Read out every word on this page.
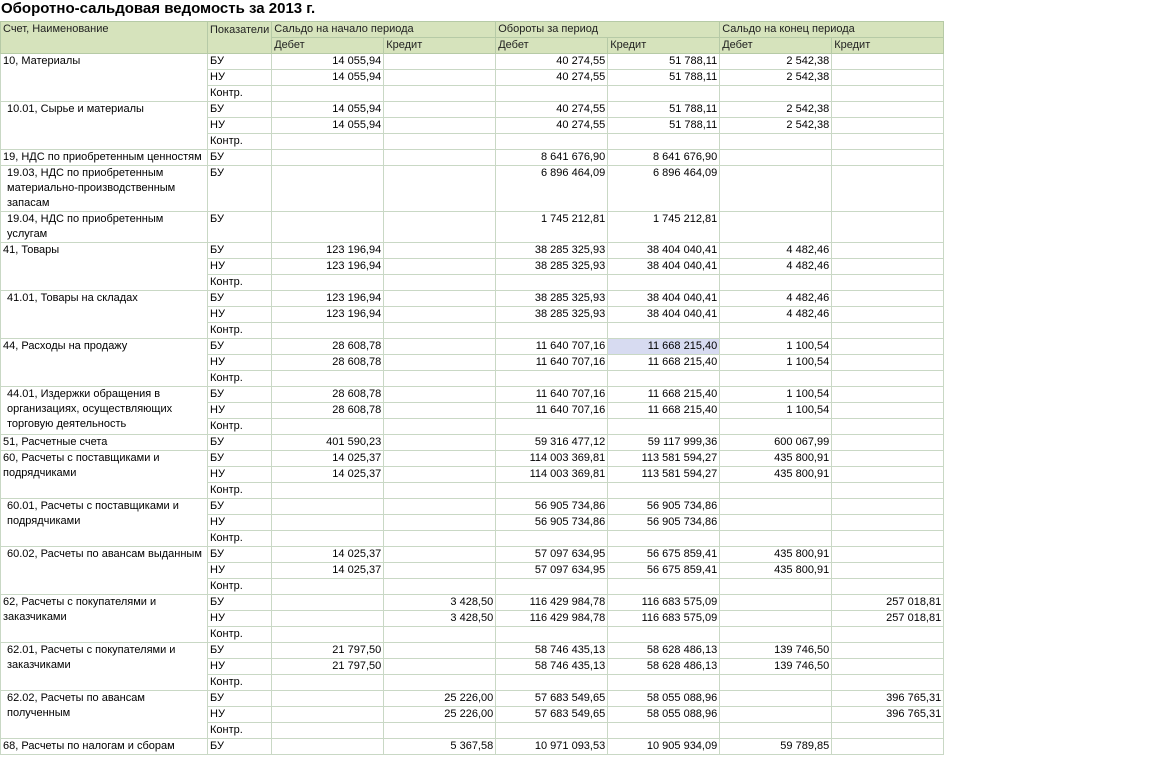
Оборотно-сальдовая ведомость за 2013 г.
Счет, Наименование	Показатели	Сальдо на начало периода		Обороты за период		Сальдо на конец периода	
		Дебет	Кредит	Дебет	Кредит	Дебет	Кредит
10, Материалы	БУ	14 055,94		40 274,55	51 788,11	2 542,38	
	НУ	14 055,94		40 274,55	51 788,11	2 542,38	
	Контр.						
10.01, Сырье и материалы	БУ	14 055,94		40 274,55	51 788,11	2 542,38	
	НУ	14 055,94		40 274,55	51 788,11	2 542,38	
	Контр.						
19, НДС по приобретенным ценностям	БУ			8 641 676,90	8 641 676,90		
19.03, НДС по приобретенным материально-производственным запасам	БУ			6 896 464,09	6 896 464,09		
19.04, НДС по приобретенным услугам	БУ			1 745 212,81	1 745 212,81		
41, Товары	БУ	123 196,94		38 285 325,93	38 404 040,41	4 482,46	
	НУ	123 196,94		38 285 325,93	38 404 040,41	4 482,46	
	Контр.						
41.01, Товары на складах	БУ	123 196,94		38 285 325,93	38 404 040,41	4 482,46	
	НУ	123 196,94		38 285 325,93	38 404 040,41	4 482,46	
	Контр.						
44, Расходы на продажу	БУ	28 608,78		11 640 707,16	11 668 215,40	1 100,54	
	НУ	28 608,78		11 640 707,16	11 668 215,40	1 100,54	
	Контр.						
44.01, Издержки обращения в организациях, осуществляющих торговую деятельность	БУ	28 608,78		11 640 707,16	11 668 215,40	1 100,54	
	НУ	28 608,78		11 640 707,16	11 668 215,40	1 100,54	
	Контр.						
51, Расчетные счета	БУ	401 590,23		59 316 477,12	59 117 999,36	600 067,99	
60, Расчеты с поставщиками и подрядчиками	БУ	14 025,37		114 003 369,81	113 581 594,27	435 800,91	
	НУ	14 025,37		114 003 369,81	113 581 594,27	435 800,91	
	Контр.						
60.01, Расчеты с поставщиками и подрядчиками	БУ			56 905 734,86	56 905 734,86		
	НУ			56 905 734,86	56 905 734,86		
	Контр.						
60.02, Расчеты по авансам выданным	БУ	14 025,37		57 097 634,95	56 675 859,41	435 800,91	
	НУ	14 025,37		57 097 634,95	56 675 859,41	435 800,91	
	Контр.						
62, Расчеты с покупателями и заказчиками	БУ		3 428,50	116 429 984,78	116 683 575,09		257 018,81
	НУ		3 428,50	116 429 984,78	116 683 575,09		257 018,81
	Контр.						
62.01, Расчеты с покупателями и заказчиками	БУ	21 797,50		58 746 435,13	58 628 486,13	139 746,50	
	НУ	21 797,50		58 746 435,13	58 628 486,13	139 746,50	
	Контр.						
62.02, Расчеты по авансам полученным	БУ		25 226,00	57 683 549,65	58 055 088,96		396 765,31
	НУ		25 226,00	57 683 549,65	58 055 088,96		396 765,31
	Контр.						
68, Расчеты по налогам и сборам	БУ		5 367,58	10 971 093,53	10 905 934,09	59 789,85	
